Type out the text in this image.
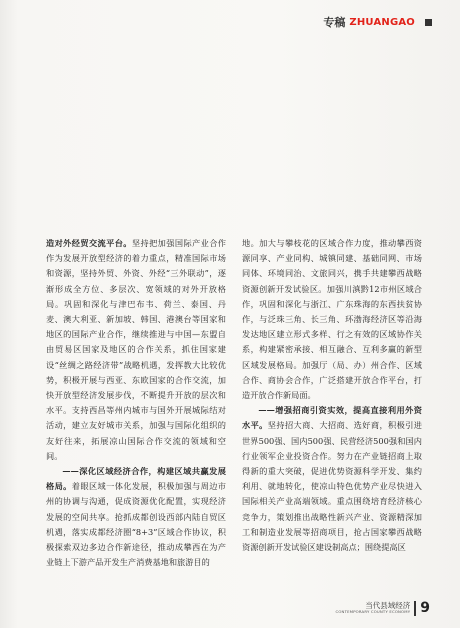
专稿 ZHUANGAO

造对外经贸交流平台。坚持把加强国际产业合作作为发展开放型经济的着力重点，精准国际市场和资源，坚持外贸、外资、外经“三外联动”，逐渐形成全方位、多层次、宽领域的对外开放格局。巩固和深化与津巴布韦、荷兰、泰国、丹麦、澳大利亚、新加坡、韩国、港澳台等国家和地区的国际产业合作，继续推进与中国—东盟自由贸易区国家及地区的合作关系，抓住国家建设“丝绸之路经济带”战略机遇，发挥教大比较优势，积极开展与西亚、东欧国家的合作交流，加快开放型经济发展步伐，不断提升开放的层次和水平。支持西昌等州内城市与国外开展城际结对活动，建立友好城市关系，加强与国际化组织的友好往来，拓展凉山国际合作交流的领域和空间。

——深化区域经济合作，构建区域共赢发展格局。着眼区域一体化发展，积极加强与周边市州的协调与沟通，促成资源优化配置，实现经济发展的空间共享。抢抓成都创设西部内陆自贸区机遇，落实成都经济圈“8+3”区域合作协议，积极探索双边多边合作新途径，推动成攀西在为产业链上下游产品开发生产消费基地和旅游目的

地。加大与攀枝花的区域合作力度，推动攀西资源同享、产业同构、城镇同建、基础同网、市场同体、环境同治、文旅同兴，携手共建攀西战略资源创新开发试验区。加强川滇黔12市州区域合作，巩固和深化与浙江、广东珠海的东西扶贫协作，与泛珠三角、长三角、环渤海经济区等沿海发达地区建立形式多样、行之有效的区域协作关系，构建紧密承接、相互融合、互利多赢的新型区域发展格局。加强厅（局、办）州合作、区域合作、商协会合作，广泛搭建开放合作平台，打造开放合作新局面。

——增强招商引资实效，提高直接利用外资水平。坚持招大商、大招商、选好商，积极引进世界500强、国内500强、民营经济500强和国内行业领军企业投资合作。努力在产业链招商上取得新的重大突破，促进优势资源科学开发、集约利用、就地转化，使凉山特色优势产业尽快进入国际相关产业高端领域。重点围绕培育经济核心竞争力，策划推出战略性新兴产业、资源精深加工和制造业发展等招商项目，抢占国家攀西战略资源创新开发试验区建设制高点；围绕提高区

当代县域经济
CONTEMPORARY COUNTY ECONOMY 9
